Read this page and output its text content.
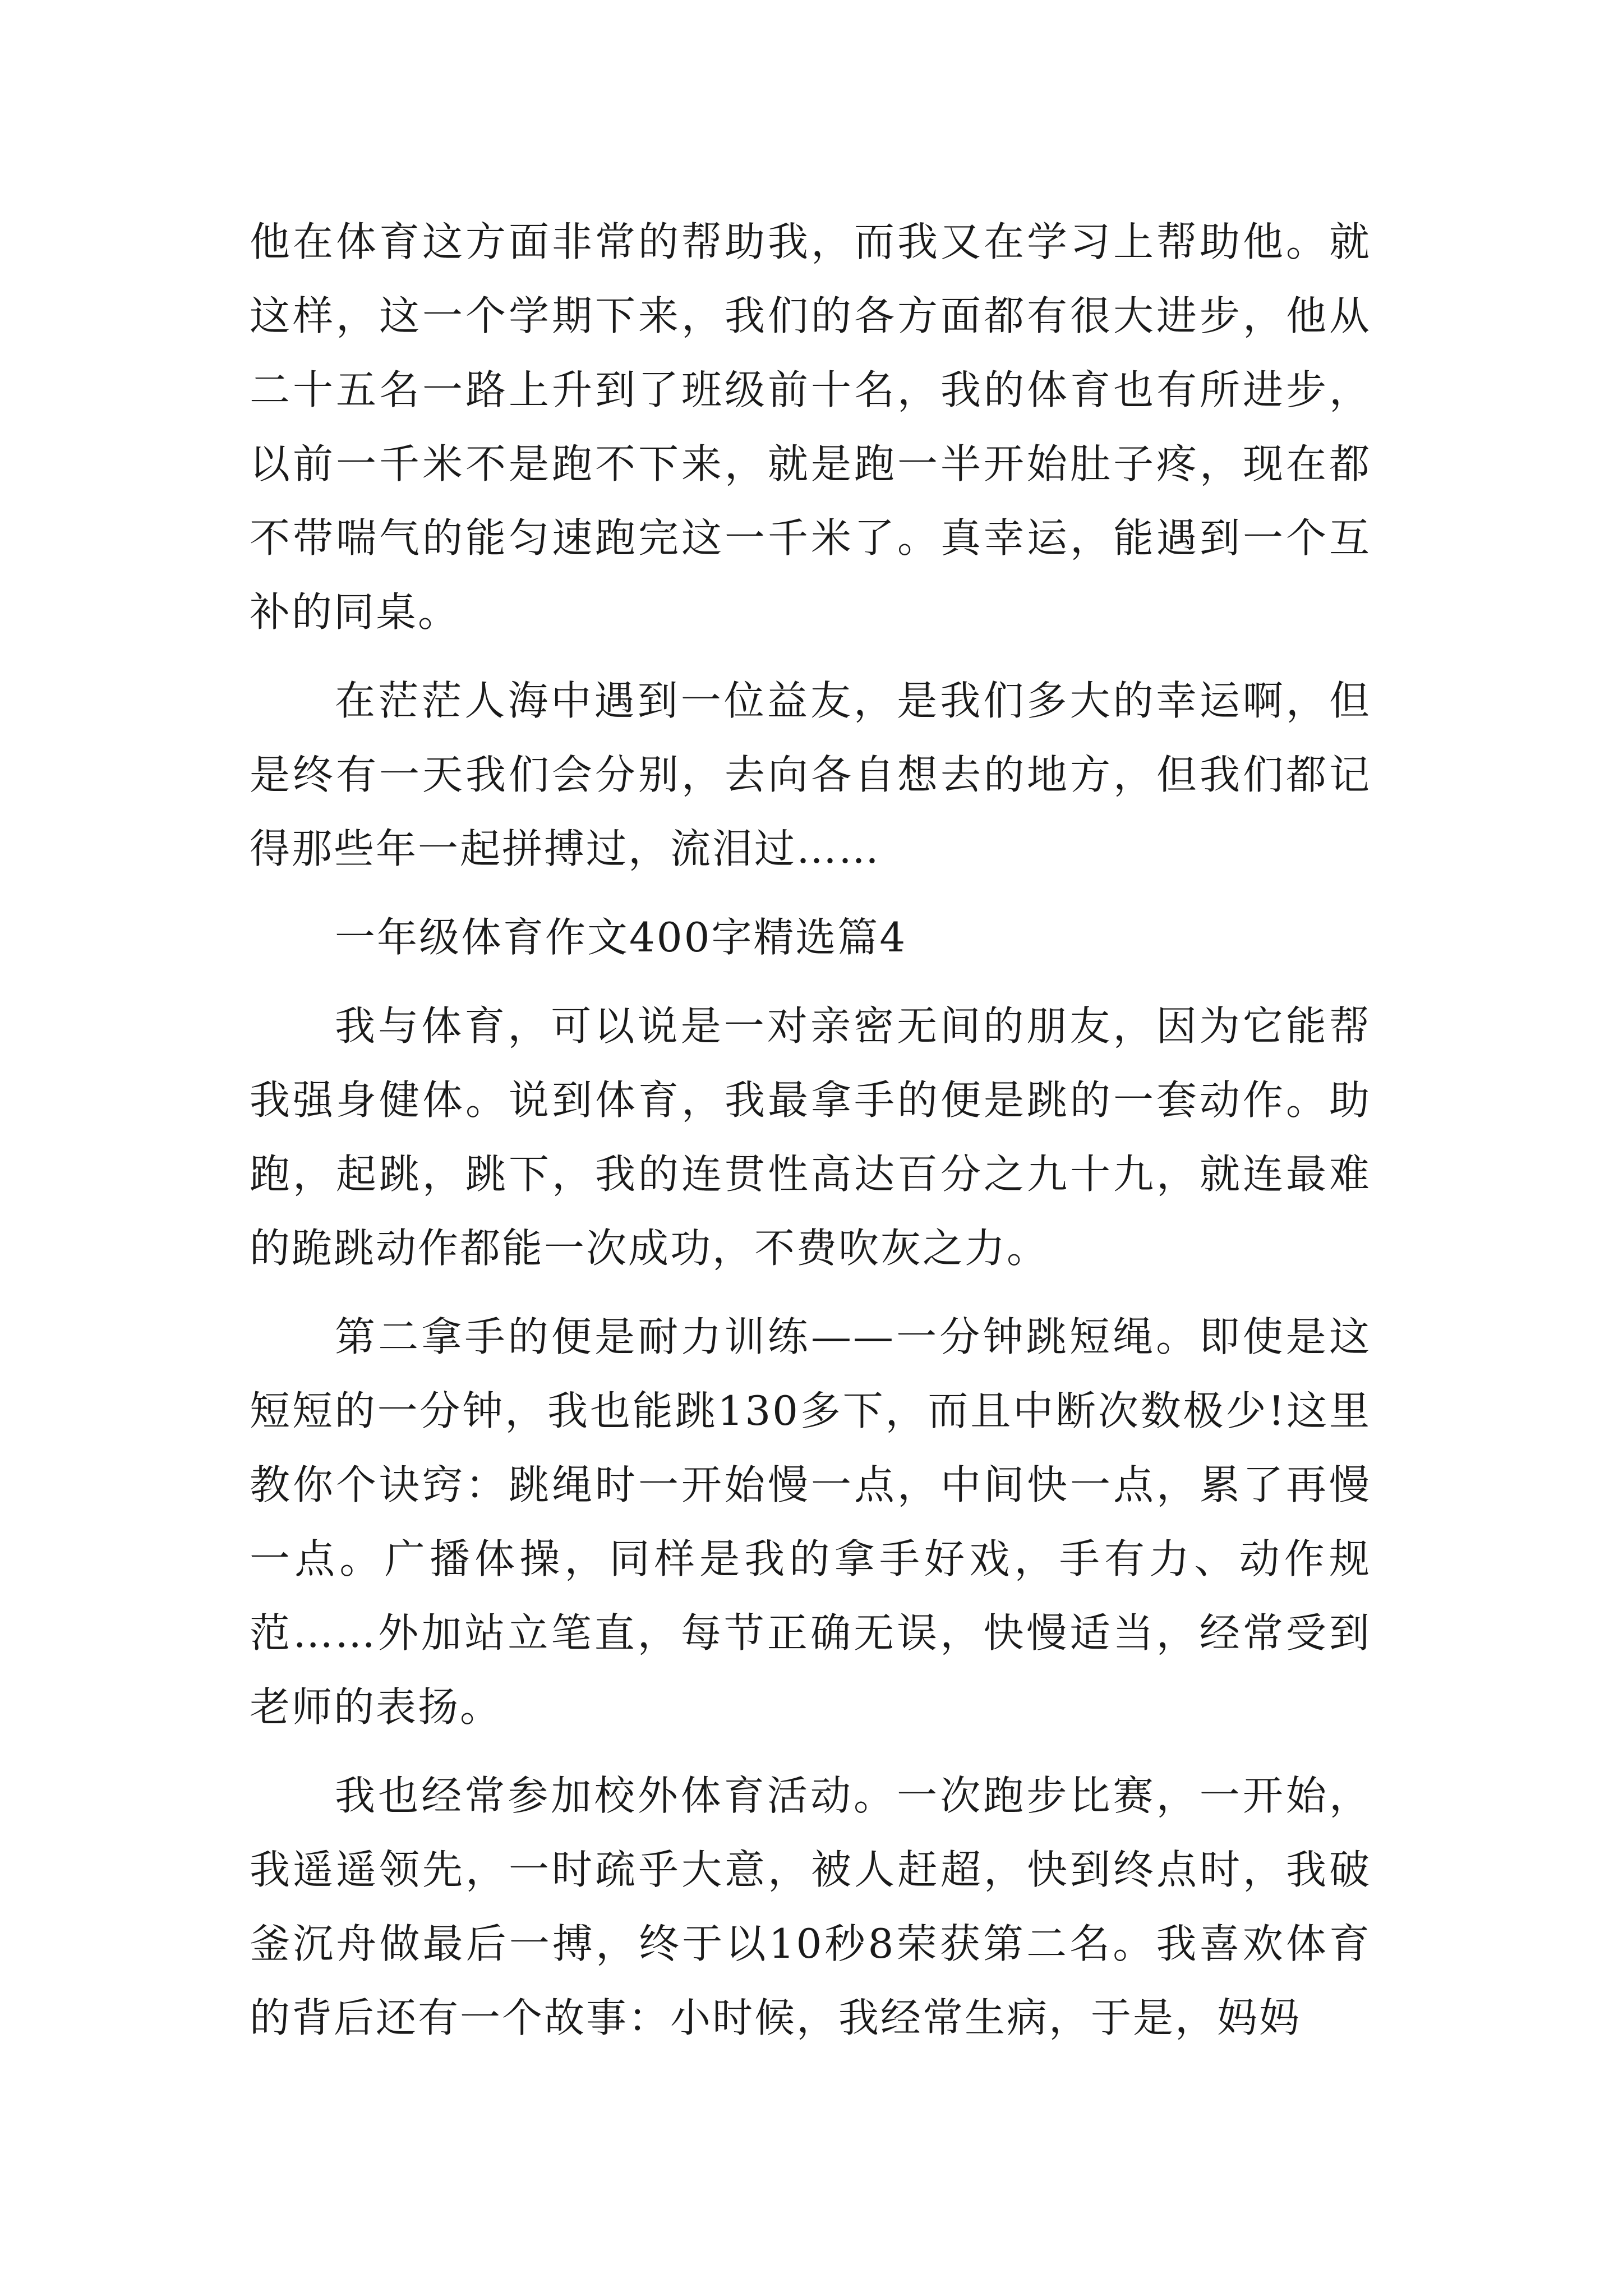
他在体育这方面非常的帮助我，而我又在学习上帮助他。就这样，这一个学期下来，我们的各方面都有很大进步，他从二十五名一路上升到了班级前十名，我的体育也有所进步，以前一千米不是跑不下来，就是跑一半开始肚子疼，现在都不带喘气的能匀速跑完这一千米了。真幸运，能遇到一个互补的同桌。

在茫茫人海中遇到一位益友，是我们多大的幸运啊，但是终有一天我们会分别，去向各自想去的地方，但我们都记得那些年一起拼搏过，流泪过……

一年级体育作文400字精选篇4

我与体育，可以说是一对亲密无间的朋友，因为它能帮我强身健体。说到体育，我最拿手的便是跳的一套动作。助跑，起跳，跳下，我的连贯性高达百分之九十九，就连最难的跪跳动作都能一次成功，不费吹灰之力。

第二拿手的便是耐力训练——一分钟跳短绳。即使是这短短的一分钟，我也能跳130多下，而且中断次数极少!这里教你个诀窍：跳绳时一开始慢一点，中间快一点，累了再慢一点。广播体操，同样是我的拿手好戏，手有力、动作规范……外加站立笔直，每节正确无误，快慢适当，经常受到老师的表扬。

我也经常参加校外体育活动。一次跑步比赛，一开始，我遥遥领先，一时疏乎大意，被人赶超，快到终点时，我破釜沉舟做最后一搏，终于以10秒8荣获第二名。我喜欢体育的背后还有一个故事：小时候，我经常生病，于是，妈妈
